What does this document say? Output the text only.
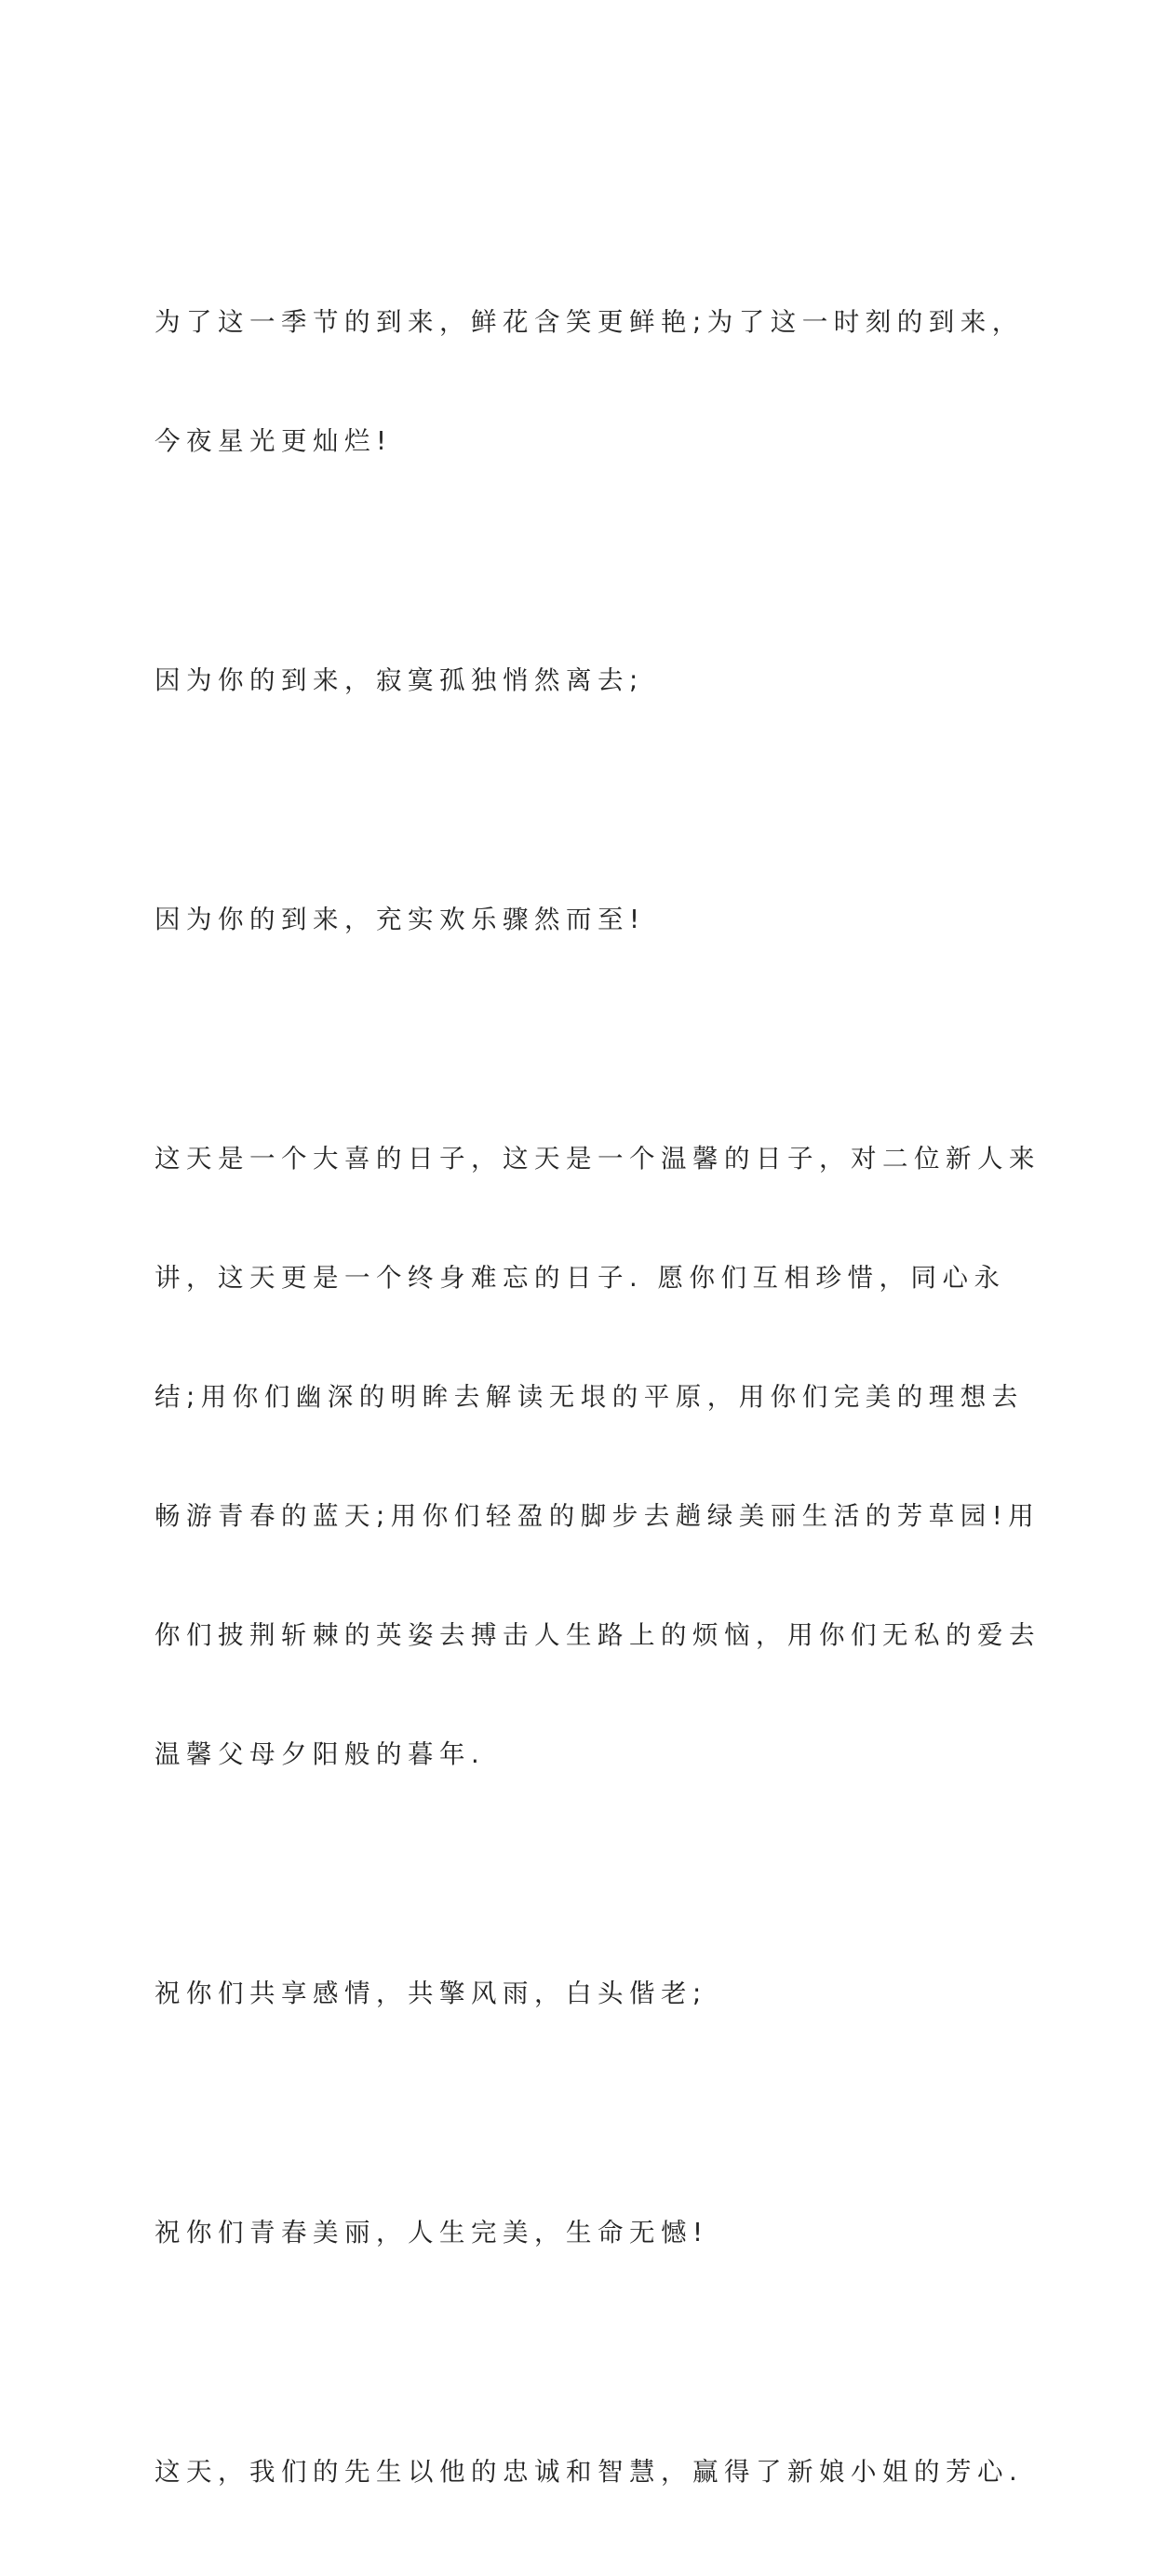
为了这一季节的到来，鲜花含笑更鲜艳;为了这一时刻的到来，

今夜星光更灿烂!

因为你的到来，寂寞孤独悄然离去;

因为你的到来，充实欢乐骤然而至!

这天是一个大喜的日子，这天是一个温馨的日子，对二位新人来

讲，这天更是一个终身难忘的日子. 愿你们互相珍惜，同心永

结;用你们幽深的明眸去解读无垠的平原，用你们完美的理想去

畅游青春的蓝天;用你们轻盈的脚步去趟绿美丽生活的芳草园!用

你们披荆斩棘的英姿去搏击人生路上的烦恼，用你们无私的爱去

温馨父母夕阳般的暮年.

祝你们共享感情，共擎风雨，白头偕老;

祝你们青春美丽，人生完美，生命无憾!

这天，我们的先生以他的忠诚和智慧，赢得了新娘小姐的芳心.
